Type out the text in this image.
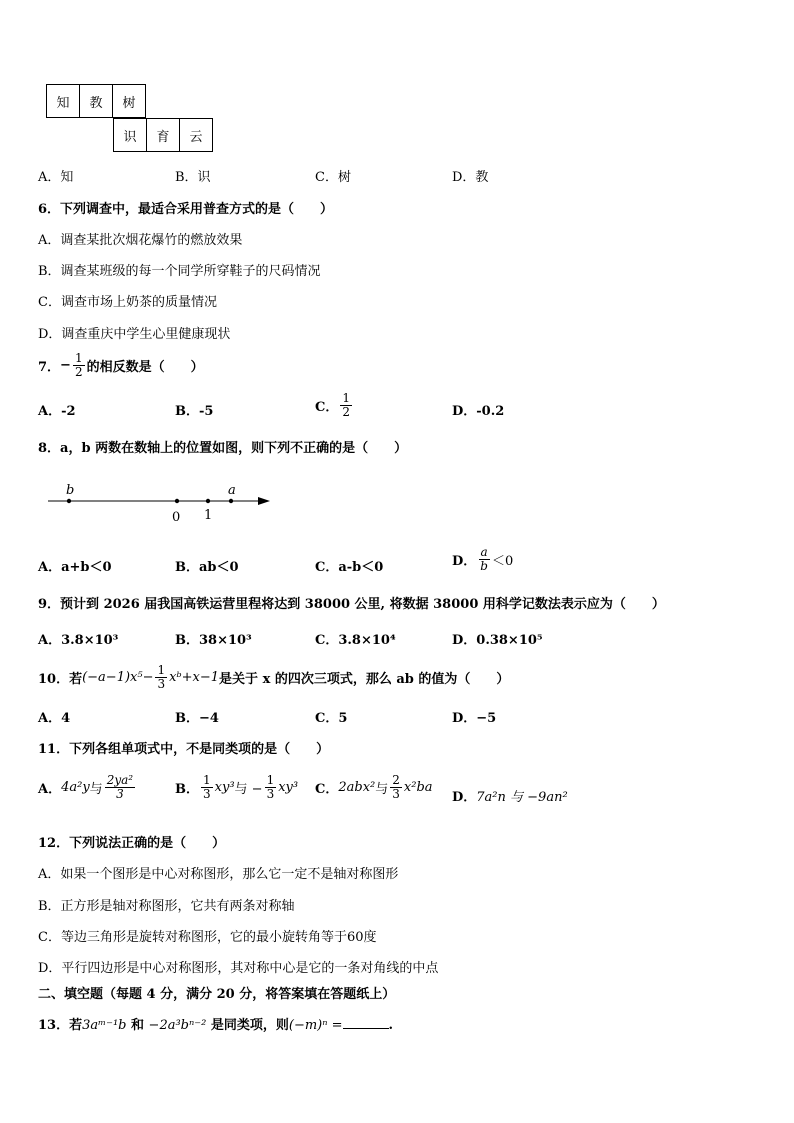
知	教	树
识	育	云
A．知	B．识	C．树	D．教
6．下列调查中，最适合采用普查方式的是（　　）
A．调查某批次烟花爆竹的燃放效果
B．调查某班级的每一个同学所穿鞋子的尺码情况
C．调查市场上奶茶的质量情况
D．调查重庆中学生心里健康现状
7． − $\frac{1}{2}$ 的相反数是（　　）
A．-2	B．-5	C． $\frac{1}{2}$	D．-0.2
8．a，b 两数在数轴上的位置如图，则下列不正确的是（　　）
b	a
0 1
A．a+b＜0	B．ab＜0	C．a-b＜0	D． $\frac{a}{b} <0$
9．预计到 2026 届我国高铁运营里程将达到 38000 公里, 将数据 38000 用科学记数法表示应为（　　）
A．3.8×10³	B．38×10³	C．3.8×10⁴	D．0.38×10⁵
10．若 $(-a-1)x^5- \frac{1}{3}$ xᵇ+x−1 是关于 x 的四次三项式，那么 ab 的值为（　　）
A．4	B．−4	C．5	D．−5
11．下列各组单项式中，不是同类项的是（　　）
A． 4a²y 与 $\frac{\text{2ya²}}{3}$	B． $\frac{1}{3} xy^3$ 与 − $\frac{1}{3} xy^3$ C． 2abx² 与 $\frac{2}{3} x^2ba$
D．7a²n 与 −9an²
12．下列说法正确的是（　　）
A．如果一个图形是中心对称图形，那么它一定不是轴对称图形
B．正方形是轴对称图形，它共有两条对称轴
C．等边三角形是旋转对称图形，它的最小旋转角等于60度
D．平行四边形是中心对称图形，其对称中心是它的一条对角线的中点
二、填空题（每题 4 分，满分 20 分，将答案填在答题纸上）
13．若3aᵐ⁻¹b 和 −2a³bⁿ⁻² 是同类项，则(−m)ⁿ =	.
